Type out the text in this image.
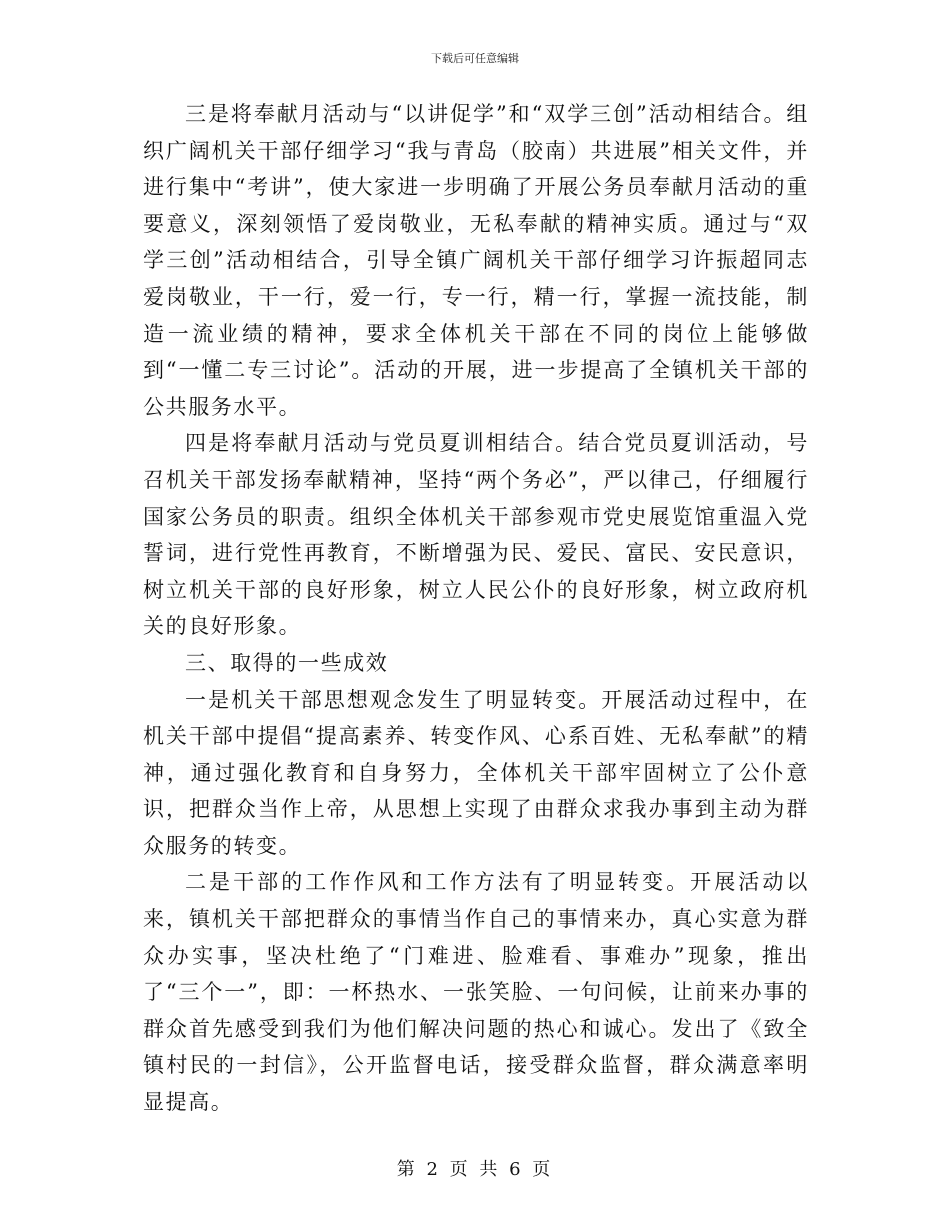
下载后可任意编辑

三是将奉献月活动与“以讲促学”和“双学三创”活动相结合。组织广阔机关干部仔细学习“我与青岛（胶南）共进展”相关文件，并进行集中“考讲”，使大家进一步明确了开展公务员奉献月活动的重要意义，深刻领悟了爱岗敬业，无私奉献的精神实质。通过与“双学三创”活动相结合，引导全镇广阔机关干部仔细学习许振超同志爱岗敬业，干一行，爱一行，专一行，精一行，掌握一流技能，制造一流业绩的精神，要求全体机关干部在不同的岗位上能够做到“一懂二专三讨论”。活动的开展，进一步提高了全镇机关干部的公共服务水平。

四是将奉献月活动与党员夏训相结合。结合党员夏训活动，号召机关干部发扬奉献精神，坚持“两个务必”，严以律己，仔细履行国家公务员的职责。组织全体机关干部参观市党史展览馆重温入党誓词，进行党性再教育，不断增强为民、爱民、富民、安民意识，树立机关干部的良好形象，树立人民公仆的良好形象，树立政府机关的良好形象。

三、取得的一些成效

一是机关干部思想观念发生了明显转变。开展活动过程中，在机关干部中提倡“提高素养、转变作风、心系百姓、无私奉献”的精神，通过强化教育和自身努力，全体机关干部牢固树立了公仆意识，把群众当作上帝，从思想上实现了由群众求我办事到主动为群众服务的转变。

二是干部的工作作风和工作方法有了明显转变。开展活动以来，镇机关干部把群众的事情当作自己的事情来办，真心实意为群众办实事，坚决杜绝了“门难进、脸难看、事难办”现象，推出了“三个一”，即：一杯热水、一张笑脸、一句问候，让前来办事的群众首先感受到我们为他们解决问题的热心和诚心。发出了《致全镇村民的一封信》，公开监督电话，接受群众监督，群众满意率明显提高。

第 2 页 共 6 页
